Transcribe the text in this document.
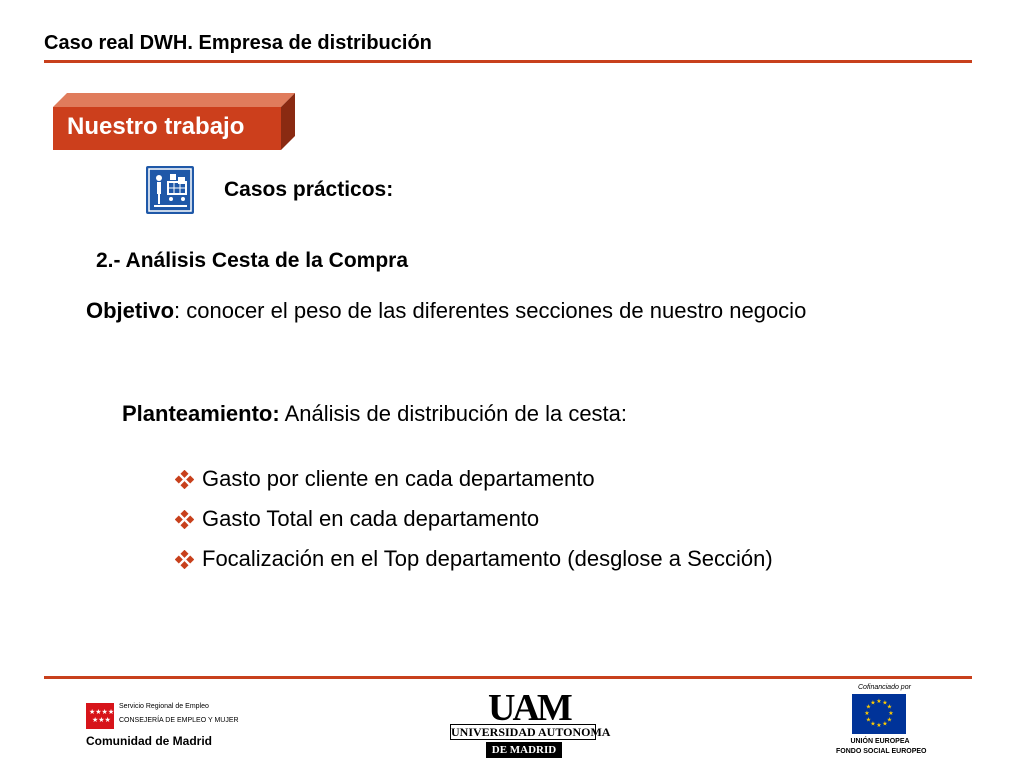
Caso real DWH. Empresa de distribución
Nuestro trabajo
Casos prácticos:
2.- Análisis Cesta de la Compra
Objetivo: conocer el peso de las diferentes secciones de nuestro negocio
Planteamiento: Análisis de distribución de la cesta:
Gasto por cliente en cada departamento
Gasto Total en cada departamento
Focalización en el Top departamento (desglose a Sección)
★★★★
★★★
Servicio Regional de Empleo
CONSEJERÍA DE EMPLEO Y MUJER
Comunidad de Madrid
UAM
UNIVERSIDAD AUTONOMA
DE MADRID
Cofinanciado por
★ ★
★
★
★
★
★
★
★
★
★
★
UNIÓN EUROPEA
FONDO SOCIAL EUROPEO
